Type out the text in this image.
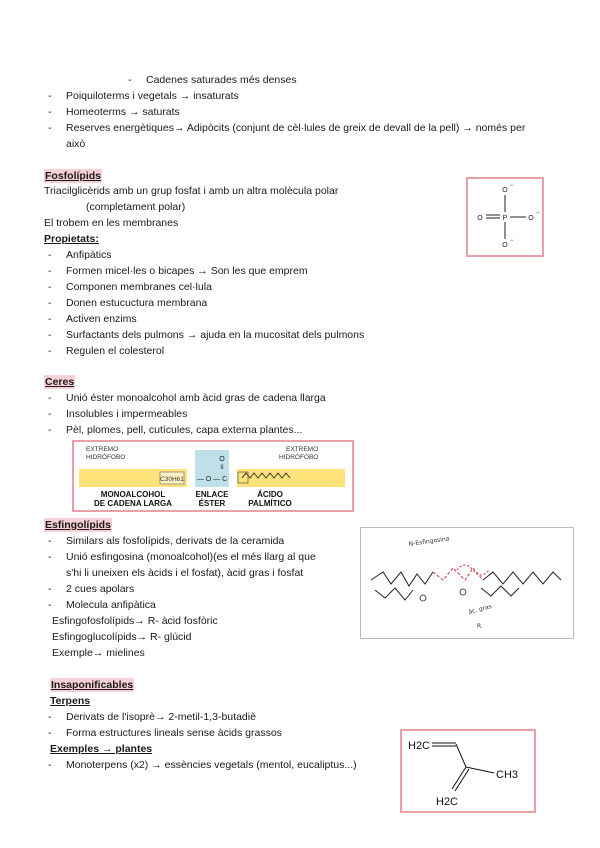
- Cadenes saturades més denses
- Poiquiloterms i vegetals → insaturats
- Homeoterms → saturats
- Reserves energètiques→ Adipòcits (conjunt de cèl·lules de greix de devall de la pell) → només per
això
Fosfolípids
Triacilglicèrids amb un grup fosfat i amb un altra molècula polar
(completament polar)
El trobem en les membranes
Propietats:
- Anfipàtics
- Formen micel·les o bicapes → Son les que emprem
- Componen membranes cel·lula
- Donen estucuctura membrana
- Activen enzims
- Surfactants dels pulmons → ajuda en la mucositat dels pulmons
- Regulen el colesterol
O
−
O	P	O
−
O
−
Ceres
- Unió éster monoalcohol amb àcid gras de cadena llarga
- Insolubles i impermeables
- Pèl, plomes, pell, cutícules, capa externa plantes...
C30H61 — O — C
O
II
EXTREMO
HIDRÓFOBO
EXTREMO
HIDRÓFOBO
MONOALCOHOL
DE CADENA LARGA
ENLACE
ÉSTER
ÁCIDO
PALMÍTICO
Esfingolípids
- Similars als fosfolípids, derivats de la ceramida
- Unió esfingosina (monoalcohol)(es el més llarg al que
s'hi li uneixen els àcids i el fosfat), àcid gras i fosfat
- 2 cues apolars
- Molecula anfipàtica
Esfingofosfolípids→ R- àcid fosfòric
Esfingoglucolípids→ R- glúcid
Exemple→ mielines
N-Esfingosina
àc. gras
R
Insaponificables
Terpens
- Derivats de l'isoprè→ 2-metil-1,3-butadiè
- Forma estructures lineals sense àcids grassos
Exemples → plantes
- Monoterpens (x2) → essències vegetals (mentol, eucaliptus...)
H2C
CH3
H2C
